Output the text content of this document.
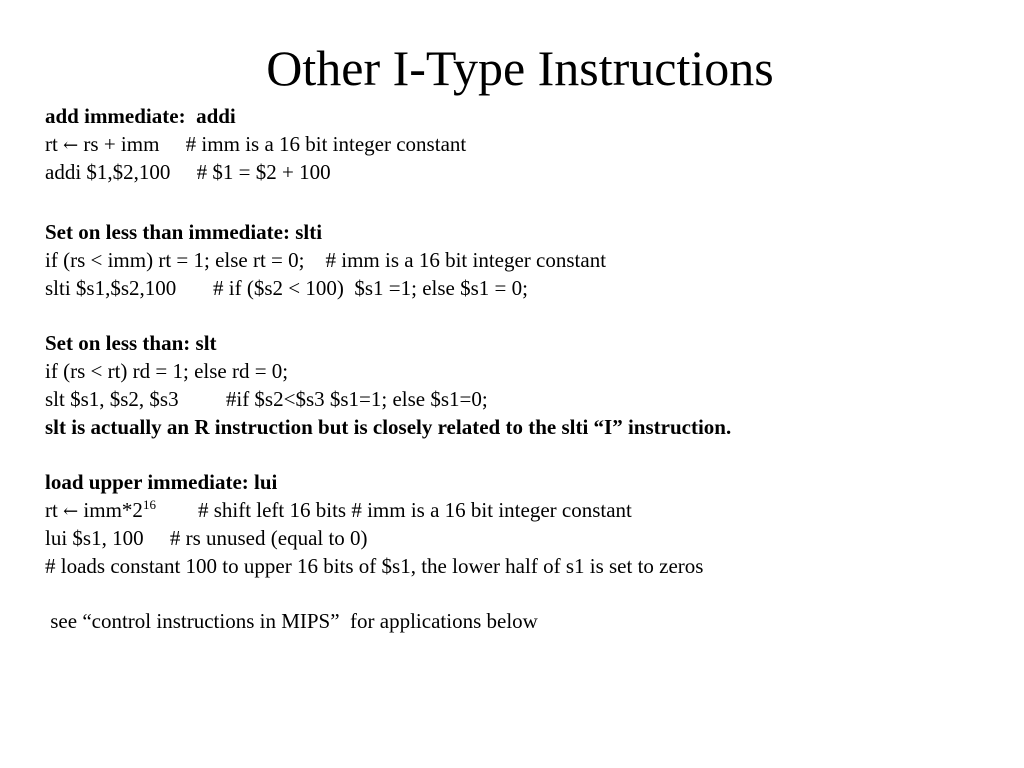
Other I-Type Instructions
add immediate:  addi
rt ← rs + imm     # imm is a 16 bit integer constant
addi $1,$2,100     # $1 = $2 + 100
Set on less than immediate: slti
if (rs < imm) rt = 1; else rt = 0;    # imm is a 16 bit integer constant
slti $s1,$s2,100       # if ($s2 < 100)  $s1 =1; else $s1 = 0;
Set on less than: slt
if (rs < rt) rd = 1; else rd = 0;
slt $s1, $s2, $s3         #if $s2<$s3 $s1=1; else $s1=0;
slt is actually an R instruction but is closely related to the slti “I” instruction.
load upper immediate: lui
rt ← $imm*2^{16}$        # shift left 16 bits # imm is a 16 bit integer constant
lui $s1, 100     # rs unused (equal to 0)
# loads constant 100 to upper 16 bits of $s1, the lower half of s1 is set to zeros
see “control instructions in MIPS”  for applications below
